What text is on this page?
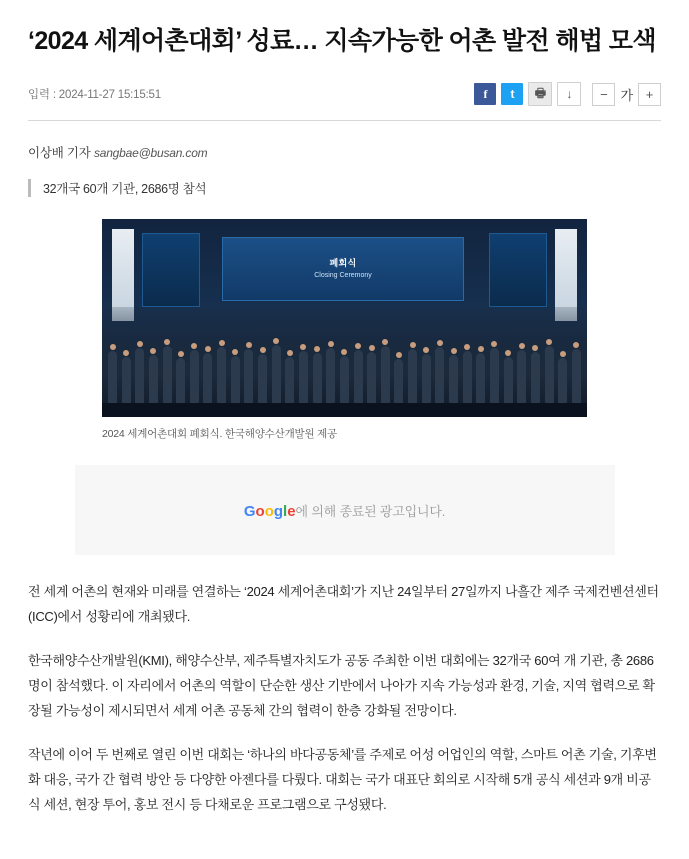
‘2024 세계어촌대회’ 성료… 지속가능한 어촌 발전 해법 모색
입력 : 2024-11-27 15:15:51	f	t	🖶	↓	− 가 +
이상배 기자 sangbae@busan.com
32개국 60개 기관, 2686명 참석
폐회식
Closing Ceremony
2024 세계어촌대회 폐회식. 한국해양수산개발원 제공
Google에 의해 종료된 광고입니다.

전 세계 어촌의 현재와 미래를 연결하는 ‘2024 세계어촌대회’가 지난 24일부터 27일까지 나흘간 제주 국제컨벤션센터(ICC)에서 성황리에 개최됐다.

한국해양수산개발원(KMI), 해양수산부, 제주특별자치도가 공동 주최한 이번 대회에는 32개국 60여 개 기관, 총 2686명이 참석했다. 이 자리에서 어촌의 역할이 단순한 생산 기반에서 나아가 지속 가능성과 환경, 기술, 지역 협력으로 확장될 가능성이 제시되면서 세계 어촌 공동체 간의 협력이 한층 강화될 전망이다.

작년에 이어 두 번째로 열린 이번 대회는 ‘하나의 바다공동체’를 주제로 어성 어업인의 역할, 스마트 어촌 기술, 기후변화 대응, 국가 간 협력 방안 등 다양한 아젠다를 다뤘다. 대회는 국가 대표단 회의로 시작해 5개 공식 세션과 9개 비공식 세션, 현장 투어, 홍보 전시 등 다채로운 프로그램으로 구성됐다.
